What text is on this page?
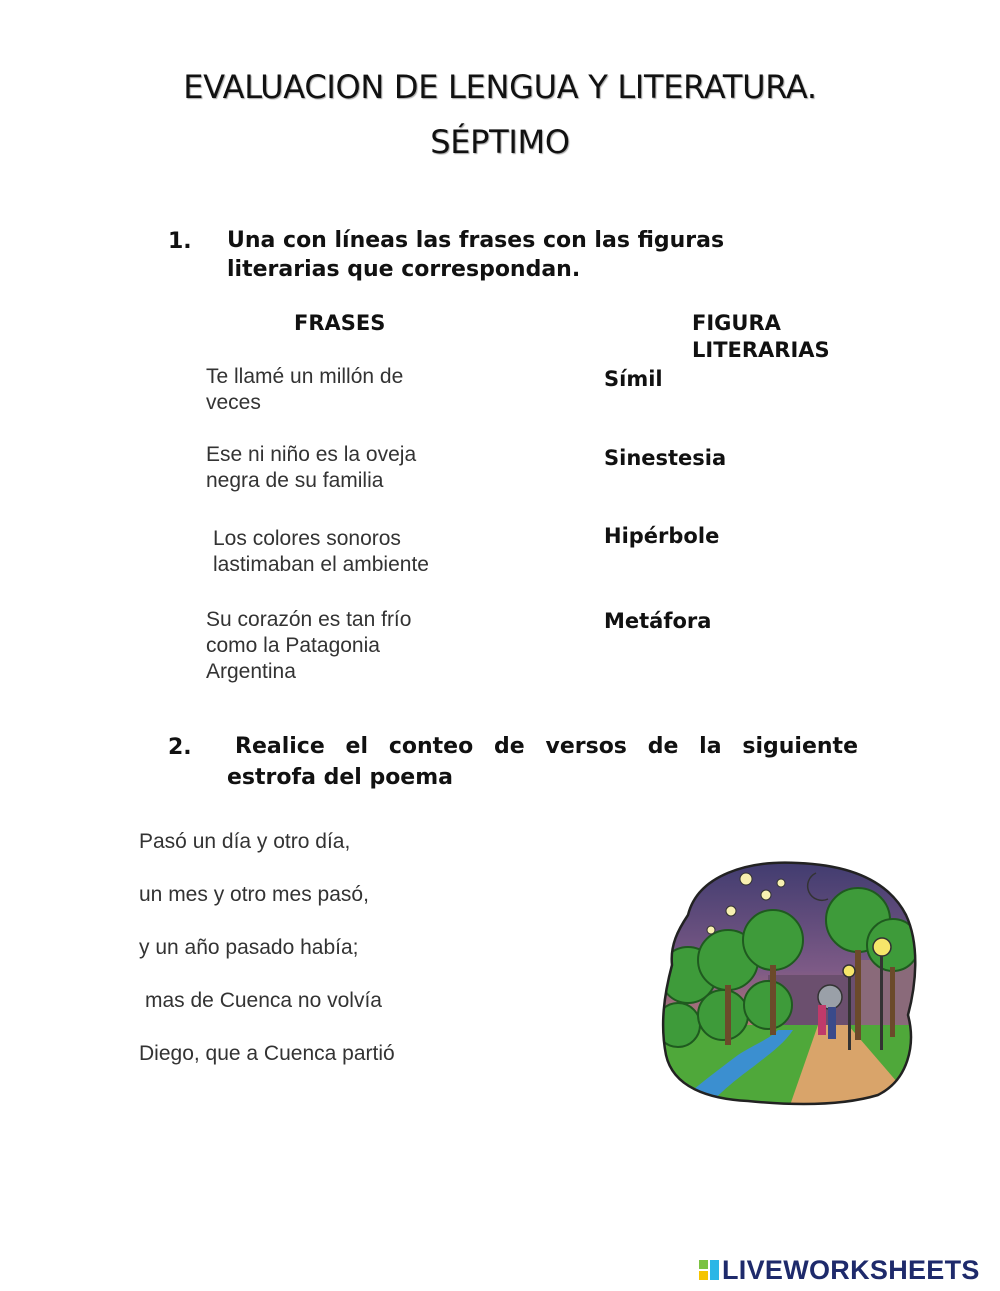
EVALUACION DE LENGUA Y LITERATURA.
SÉPTIMO
1. Una con líneas las frases con las figuras
literarias que correspondan.
FRASES	FIGURA
LITERARIAS
Te llamé un millón de
veces
Ese ni niño es la oveja
negra de su familia
Los colores sonoros
lastimaban el ambiente
Su corazón es tan frío
como la Patagonia
Argentina
Símil
Sinestesia
Hipérbole
Metáfora
2. Realice el conteo de versos de la siguiente
estrofa del poema
Pasó un día y otro día,
un mes y otro mes pasó,
y un año pasado había;
mas de Cuenca no volvía
Diego, que a Cuenca partió
LIVEWORKSHEETS
